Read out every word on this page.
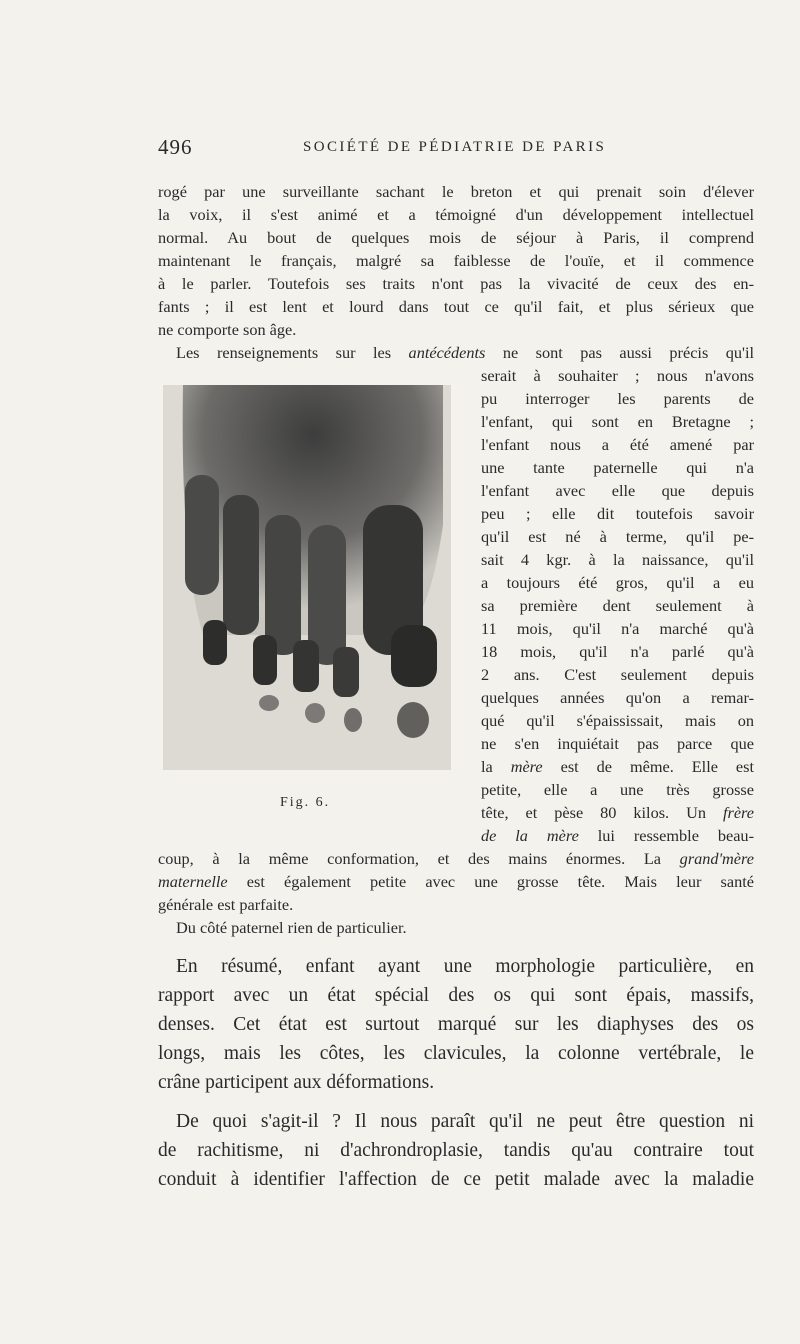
496	SOCIÉTÉ DE PÉDIATRIE DE PARIS
rogé par une surveillante sachant le breton et qui prenait soin d'élever
la voix, il s'est animé et a témoigné d'un développement intellectuel
normal. Au bout de quelques mois de séjour à Paris, il comprend
maintenant le français, malgré sa faiblesse de l'ouïe, et il commence
à le parler. Toutefois ses traits n'ont pas la vivacité de ceux des en-
fants ; il est lent et lourd dans tout ce qu'il fait, et plus sérieux que
ne comporte son âge.
Les renseignements sur les antécédents ne sont pas aussi précis qu'il
serait à souhaiter ; nous n'avons
pu interroger les parents de
l'enfant, qui sont en Bretagne ;
l'enfant nous a été amené par
une tante paternelle qui n'a
l'enfant avec elle que depuis
peu ; elle dit toutefois savoir
qu'il est né à terme, qu'il pe-
sait 4 kgr. à la naissance, qu'il
a toujours été gros, qu'il a eu
sa première dent seulement à
11 mois, qu'il n'a marché qu'à
18 mois, qu'il n'a parlé qu'à
2 ans. C'est seulement depuis
quelques années qu'on a remar-
qué qu'il s'épaississait, mais on
ne s'en inquiétait pas parce que
la mère est de même. Elle est
petite, elle a une très grosse
tête, et pèse 80 kilos. Un frère
de la mère lui ressemble beau-
Fig. 6.
coup, à la même conformation, et des mains énormes. La grand'mère
maternelle est également petite avec une grosse tête. Mais leur santé
générale est parfaite.
Du côté paternel rien de particulier.
En résumé, enfant ayant une morphologie particulière, en
rapport avec un état spécial des os qui sont épais, massifs,
denses. Cet état est surtout marqué sur les diaphyses des os
longs, mais les côtes, les clavicules, la colonne vertébrale, le
crâne participent aux déformations.
De quoi s'agit-il ? Il nous paraît qu'il ne peut être question ni
de rachitisme, ni d'achrondroplasie, tandis qu'au contraire tout
conduit à identifier l'affection de ce petit malade avec la maladie
